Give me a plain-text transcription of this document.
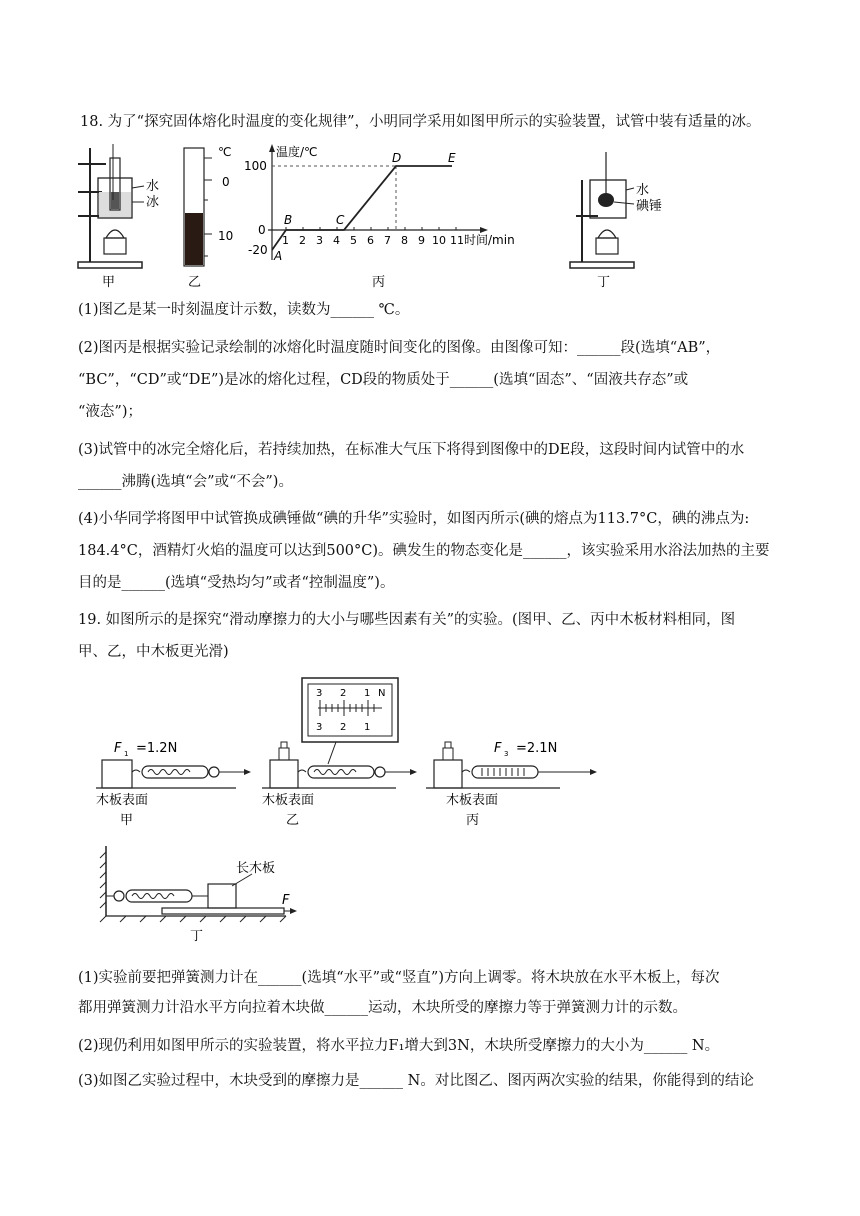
18. 为了“探究固体熔化时温度的变化规律”，小明同学采用如图甲所示的实验装置，试管中装有适量的冰。
水
冰
甲
℃
0
10
乙
温度/℃
100
0
-20
1 2 3 4 5 6 7 8 9 10 11 时间/min
A
B	C
D	E
丙
水
碘锤
丁
(1)图乙是某一时刻温度计示数，读数为______ ℃。
(2)图丙是根据实验记录绘制的冰熔化时温度随时间变化的图像。由图像可知：______段(选填“AB”，
“BC”，“CD”或“DE”)是冰的熔化过程，CD段的物质处于______(选填“固态”、“固液共存态”或
“液态”)；
(3)试管中的冰完全熔化后，若持续加热，在标准大气压下将得到图像中的DE段，这段时间内试管中的水
______沸腾(选填“会”或“不会”)。
(4)小华同学将图甲中试管换成碘锤做“碘的升华”实验时，如图丙所示(碘的熔点为113.7°C，碘的沸点为:
184.4°C，酒精灯火焰的温度可以达到500°C)。碘发生的物态变化是______，该实验采用水浴法加热的主要
目的是______(选填“受热均匀”或者“控制温度”)。
19. 如图所示的是探究“滑动摩擦力的大小与哪些因素有关”的实验。(图甲、乙、丙中木板材料相同，图
甲、乙，中木板更光滑)
F 1 =1.2N
木板表面
甲
3 2 1 N
3 2 1
木板表面
乙
F 3 =2.1N
木板表面
丙
长木板
F
丁
(1)实验前要把弹簧测力计在______(选填“水平”或“竖直”)方向上调零。将木块放在水平木板上，每次
都用弹簧测力计沿水平方向拉着木块做______运动，木块所受的摩擦力等于弹簧测力计的示数。
(2)现仍利用如图甲所示的实验装置，将水平拉力F₁增大到3N，木块所受摩擦力的大小为______ N。
(3)如图乙实验过程中，木块受到的摩擦力是______ N。对比图乙、图丙两次实验的结果，你能得到的结论
